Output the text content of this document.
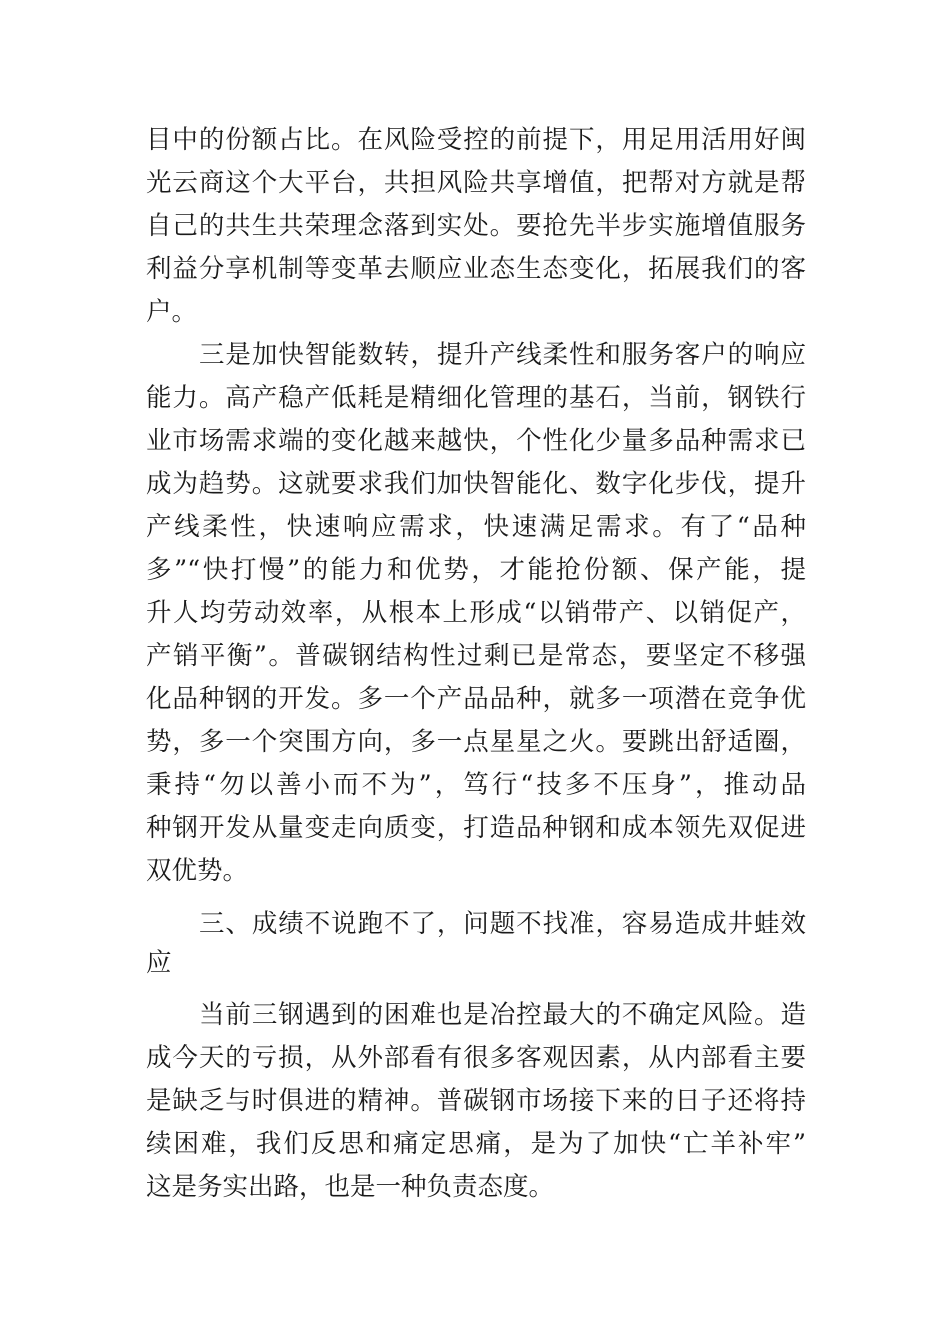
目中的份额占比。在风险受控的前提下，用足用活用好闽

光云商这个大平台，共担风险共享增值，把帮对方就是帮

自己的共生共荣理念落到实处。要抢先半步实施增值服务

利益分享机制等变革去顺应业态生态变化，拓展我们的客

户。

三是加快智能数转，提升产线柔性和服务客户的响应

能力。高产稳产低耗是精细化管理的基石，当前，钢铁行

业市场需求端的变化越来越快，个性化少量多品种需求已

成为趋势。这就要求我们加快智能化、数字化步伐，提升

产线柔性，快速响应需求，快速满足需求。有了“品种

多”“快打慢”的能力和优势，才能抢份额、保产能，提

升人均劳动效率，从根本上形成“以销带产、以销促产，

产销平衡”。普碳钢结构性过剩已是常态，要坚定不移强

化品种钢的开发。多一个产品品种，就多一项潜在竞争优

势，多一个突围方向，多一点星星之火。要跳出舒适圈，

秉持“勿以善小而不为”，笃行“技多不压身”，推动品

种钢开发从量变走向质变，打造品种钢和成本领先双促进

双优势。

三、成绩不说跑不了，问题不找准，容易造成井蛙效

应

当前三钢遇到的困难也是冶控最大的不确定风险。造

成今天的亏损，从外部看有很多客观因素，从内部看主要

是缺乏与时俱进的精神。普碳钢市场接下来的日子还将持

续困难，我们反思和痛定思痛，是为了加快“亡羊补牢”

这是务实出路，也是一种负责态度。
